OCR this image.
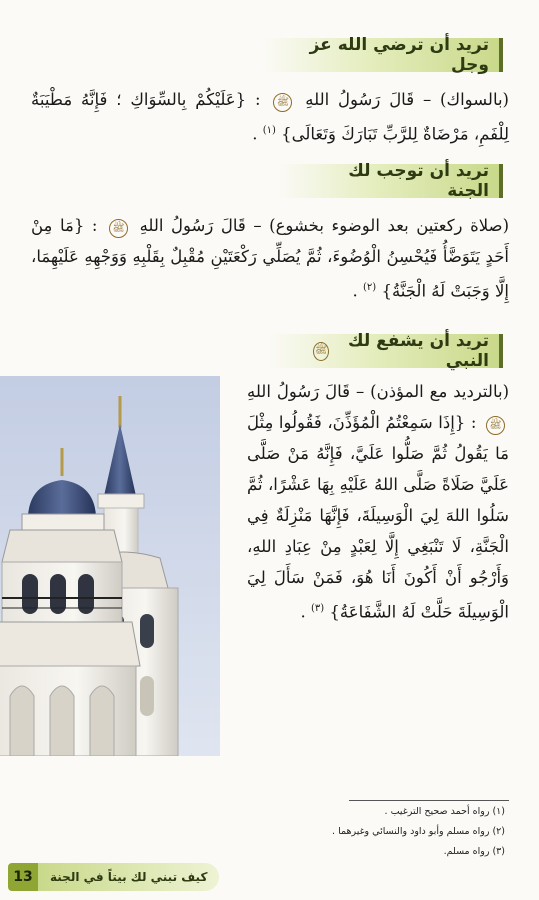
تريد أن ترضي الله عز وجل
(بالسواك) – قَالَ رَسُولُ اللهِ ﷺ : {عَلَيْكُمْ بِالسِّوَاكِ ؛ فَإِنَّهُ مَطْيَبَةٌ لِلْفَمِ، مَرْضَاةٌ لِلرَّبِّ تَبَارَكَ وَتَعَالَى} $^{(١)}$ .
تريد أن توجب لك الجنة
(صلاة ركعتين بعد الوضوء بخشوع) – قَالَ رَسُولُ اللهِ ﷺ : {مَا مِنْ أَحَدٍ يَتَوَضَّأُ فَيُحْسِنُ الْوُضُوءَ، ثُمَّ يُصَلِّي رَكْعَتَيْنِ مُقْبِلٌ بِقَلْبِهِ وَوَجْهِهِ عَلَيْهِمَا، إِلَّا وَجَبَتْ لَهُ الْجَنَّةُ} $^{(٢)}$ .
تريد أن يشفع لك النبي
ﷺ
(بالترديد مع المؤذن) – قَالَ رَسُولُ اللهِ ﷺ : {إِذَا سَمِعْتُمُ الْمُؤَذِّنَ، فَقُولُوا مِثْلَ مَا يَقُولُ ثُمَّ صَلُّوا عَلَيَّ، فَإِنَّهُ مَنْ صَلَّى عَلَيَّ صَلَاةً صَلَّى اللهُ عَلَيْهِ بِهَا عَشْرًا، ثُمَّ سَلُوا اللهَ لِيَ الْوَسِيلَةَ، فَإِنَّهَا مَنْزِلَةٌ فِي الْجَنَّةِ، لَا تَنْبَغِي إِلَّا لِعَبْدٍ مِنْ عِبَادِ اللهِ، وَأَرْجُو أَنْ أَكُونَ أَنَا هُوَ، فَمَنْ سَأَلَ لِيَ الْوَسِيلَةَ حَلَّتْ لَهُ الشَّفَاعَةُ} $^{(٣)}$ .
(١) رواه أحمد صحيح الترغيب .
(٢) رواه مسلم وأبو داود والنسائي وغيرهما .
(٣) رواه مسلم.
13	كيف تبني لك بيتاً في الجنة
